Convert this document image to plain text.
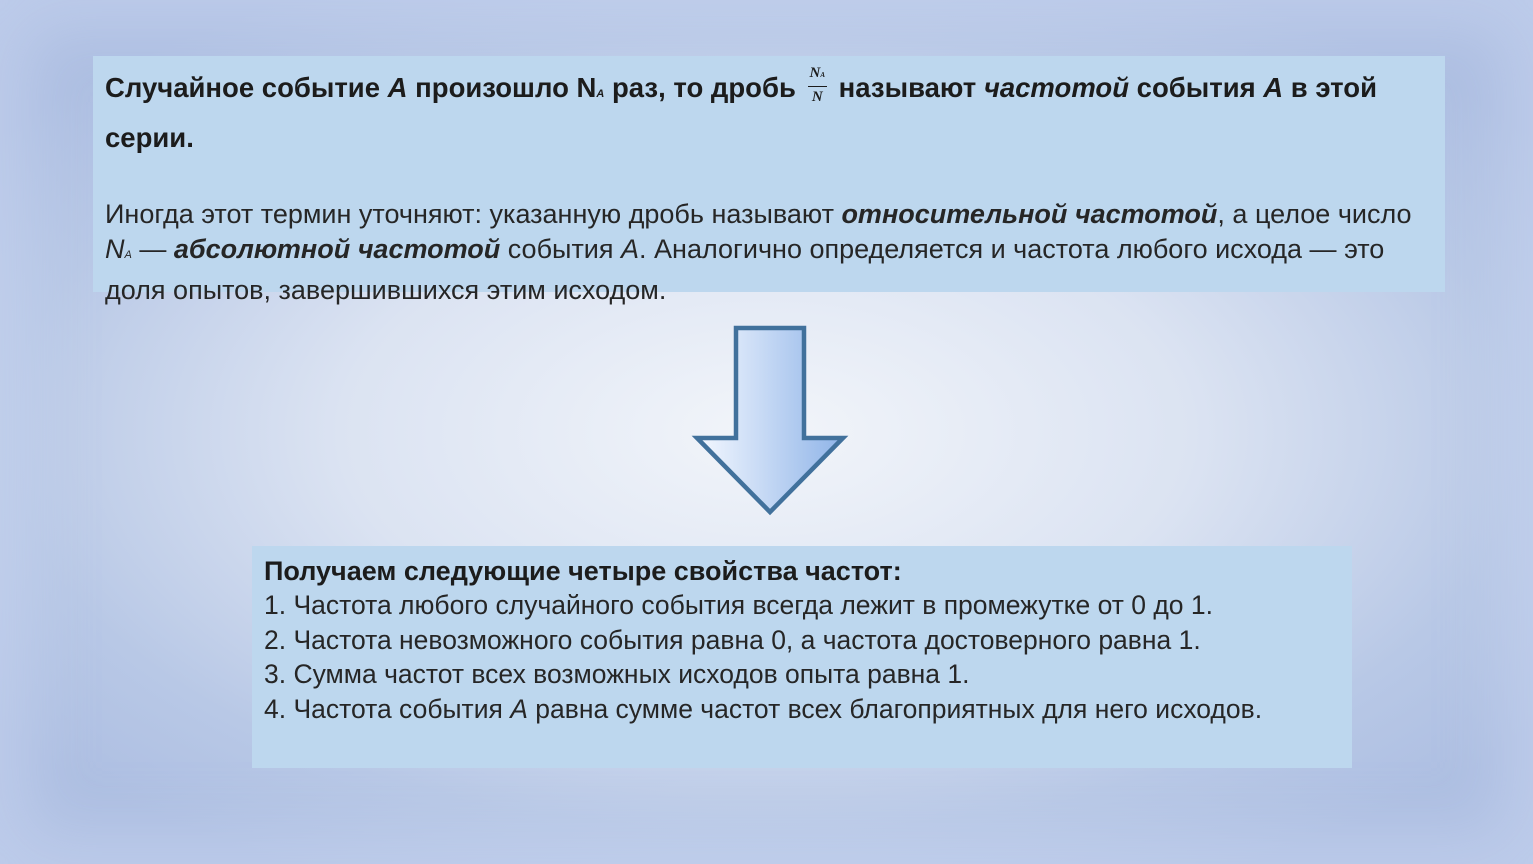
Случайное событие A произошло NA раз, то дробь $\frac{NA}{N}$ называют частотой события A в этой серии.

Иногда этот термин уточняют: указанную дробь называют относительной частотой, а целое число NA — абсолютной частотой события A. Аналогично определяется и частота любого исхода — это доля опытов, завершившихся этим исходом.

Получаем следующие четыре свойства частот:

1. Частота любого случайного события всегда лежит в промежутке от 0 до 1.

2. Частота невозможного события равна 0, а частота достоверного равна 1.

3. Сумма частот всех возможных исходов опыта равна 1.

4. Частота события A равна сумме частот всех благоприятных для него исходов.
